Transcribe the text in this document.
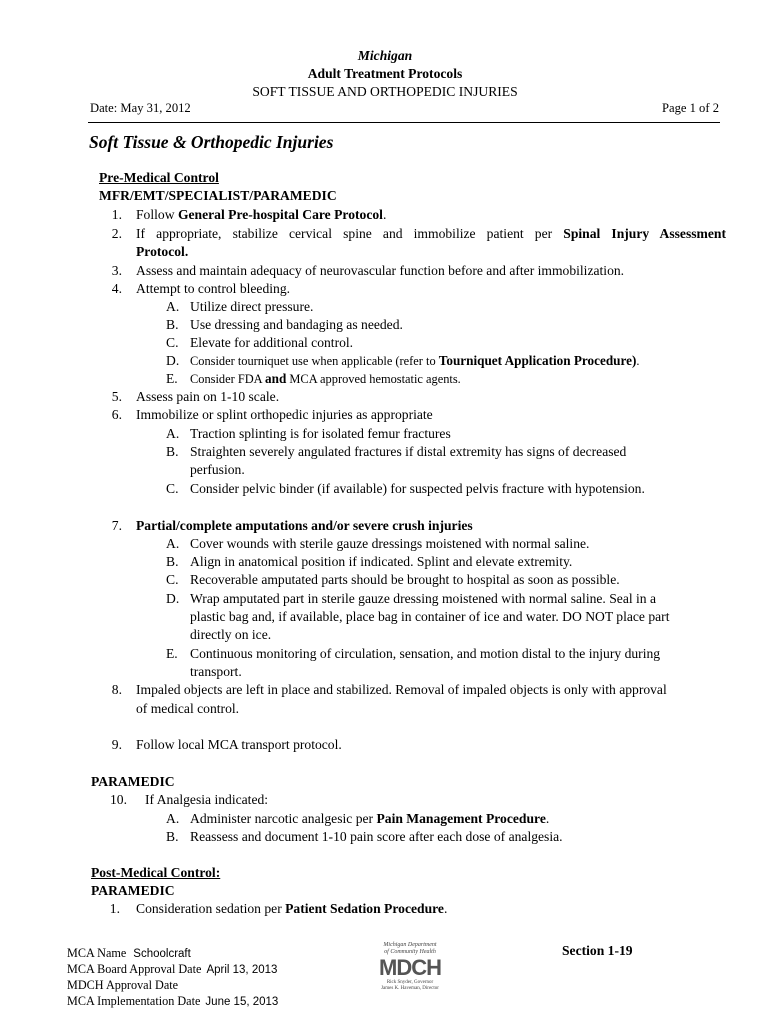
Michigan
Adult Treatment Protocols
SOFT TISSUE AND ORTHOPEDIC INJURIES
Date: May 31, 2012	Page 1 of 2
Soft Tissue & Orthopedic Injuries
Pre-Medical Control
MFR/EMT/SPECIALIST/PARAMEDIC
1. Follow General Pre-hospital Care Protocol.
2. If appropriate, stabilize cervical spine and immobilize patient per Spinal Injury Assessment
Protocol.
3. Assess and maintain adequacy of neurovascular function before and after immobilization.
4. Attempt to control bleeding.
A. Utilize direct pressure.
B. Use dressing and bandaging as needed.
C. Elevate for additional control.
D. Consider tourniquet use when applicable (refer to Tourniquet Application Procedure).
E. Consider FDA and MCA approved hemostatic agents.
5. Assess pain on 1-10 scale.
6. Immobilize or splint orthopedic injuries as appropriate
A. Traction splinting is for isolated femur fractures
B. Straighten severely angulated fractures if distal extremity has signs of decreased
perfusion.
C. Consider pelvic binder (if available) for suspected pelvis fracture with hypotension.
7. Partial/complete amputations and/or severe crush injuries
A. Cover wounds with sterile gauze dressings moistened with normal saline.
B. Align in anatomical position if indicated. Splint and elevate extremity.
C. Recoverable amputated parts should be brought to hospital as soon as possible.
D. Wrap amputated part in sterile gauze dressing moistened with normal saline. Seal in a
plastic bag and, if available, place bag in container of ice and water. DO NOT place part
directly on ice.
E. Continuous monitoring of circulation, sensation, and motion distal to the injury during
transport.
8. Impaled objects are left in place and stabilized. Removal of impaled objects is only with approval
of medical control.
9. Follow local MCA transport protocol.
PARAMEDIC
10. If Analgesia indicated:
A. Administer narcotic analgesic per Pain Management Procedure.
B. Reassess and document 1-10 pain score after each dose of analgesia.
Post-Medical Control:
PARAMEDIC
1. Consideration sedation per Patient Sedation Procedure.
MCA Name Schoolcraft
MCA Board Approval Date April 13, 2013
MDCH Approval Date
MCA Implementation Date June 15, 2013
Michigan Department
of Community Health
MDCH
Rick Snyder, Governor
James K. Haveman, Director
Section 1-19
